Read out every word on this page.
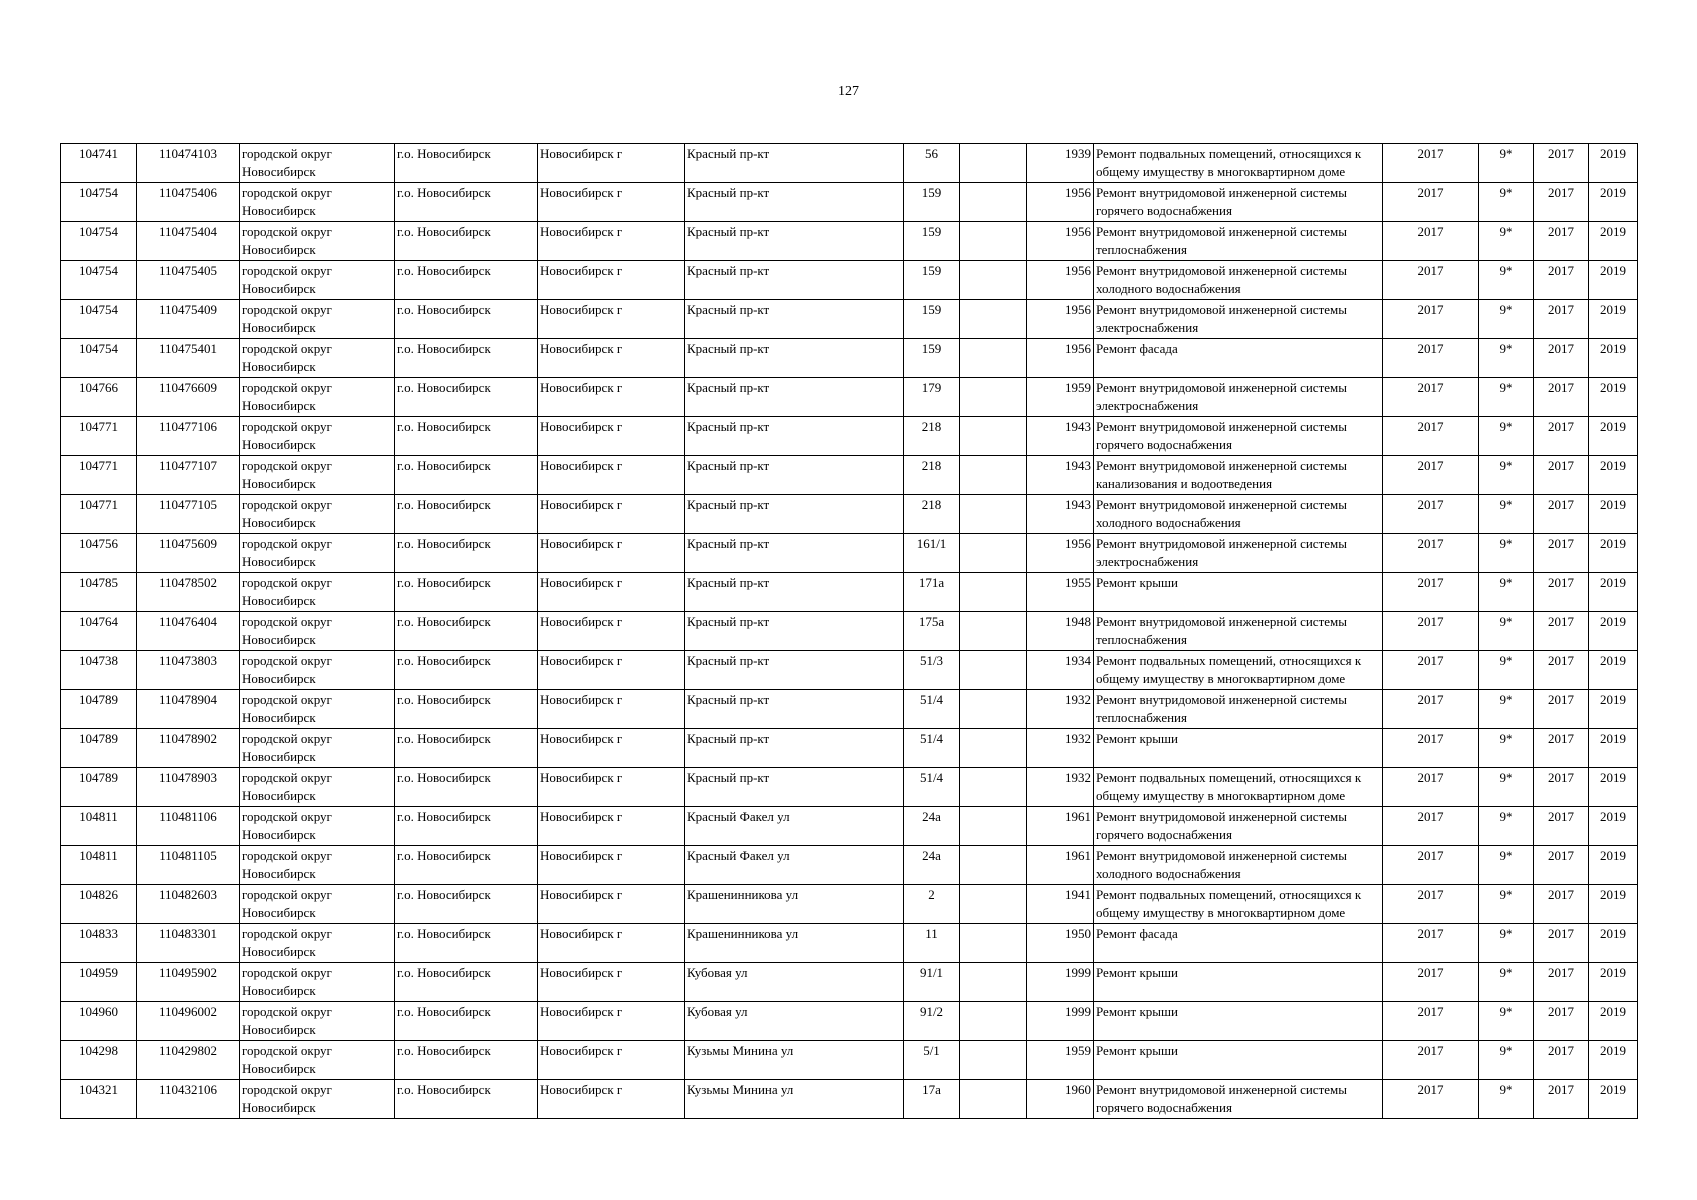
127
104741	110474103	городской округ Новосибирск	г.о. Новосибирск	Новосибирск г	Красный пр-кт	56		1939	Ремонт подвальных помещений, относящихся к общему имуществу в многоквартирном доме	2017	9*	2017	2019
104754	110475406	городской округ Новосибирск	г.о. Новосибирск	Новосибирск г	Красный пр-кт	159		1956	Ремонт внутридомовой инженерной системы горячего водоснабжения	2017	9*	2017	2019
104754	110475404	городской округ Новосибирск	г.о. Новосибирск	Новосибирск г	Красный пр-кт	159		1956	Ремонт внутридомовой инженерной системы теплоснабжения	2017	9*	2017	2019
104754	110475405	городской округ Новосибирск	г.о. Новосибирск	Новосибирск г	Красный пр-кт	159		1956	Ремонт внутридомовой инженерной системы холодного водоснабжения	2017	9*	2017	2019
104754	110475409	городской округ Новосибирск	г.о. Новосибирск	Новосибирск г	Красный пр-кт	159		1956	Ремонт внутридомовой инженерной системы электроснабжения	2017	9*	2017	2019
104754	110475401	городской округ Новосибирск	г.о. Новосибирск	Новосибирск г	Красный пр-кт	159		1956	Ремонт фасада	2017	9*	2017	2019
104766	110476609	городской округ Новосибирск	г.о. Новосибирск	Новосибирск г	Красный пр-кт	179		1959	Ремонт внутридомовой инженерной системы электроснабжения	2017	9*	2017	2019
104771	110477106	городской округ Новосибирск	г.о. Новосибирск	Новосибирск г	Красный пр-кт	218		1943	Ремонт внутридомовой инженерной системы горячего водоснабжения	2017	9*	2017	2019
104771	110477107	городской округ Новосибирск	г.о. Новосибирск	Новосибирск г	Красный пр-кт	218		1943	Ремонт внутридомовой инженерной системы канализования и водоотведения	2017	9*	2017	2019
104771	110477105	городской округ Новосибирск	г.о. Новосибирск	Новосибирск г	Красный пр-кт	218		1943	Ремонт внутридомовой инженерной системы холодного водоснабжения	2017	9*	2017	2019
104756	110475609	городской округ Новосибирск	г.о. Новосибирск	Новосибирск г	Красный пр-кт	161/1		1956	Ремонт внутридомовой инженерной системы электроснабжения	2017	9*	2017	2019
104785	110478502	городской округ Новосибирск	г.о. Новосибирск	Новосибирск г	Красный пр-кт	171а		1955	Ремонт крыши	2017	9*	2017	2019
104764	110476404	городской округ Новосибирск	г.о. Новосибирск	Новосибирск г	Красный пр-кт	175а		1948	Ремонт внутридомовой инженерной системы теплоснабжения	2017	9*	2017	2019
104738	110473803	городской округ Новосибирск	г.о. Новосибирск	Новосибирск г	Красный пр-кт	51/3		1934	Ремонт подвальных помещений, относящихся к общему имуществу в многоквартирном доме	2017	9*	2017	2019
104789	110478904	городской округ Новосибирск	г.о. Новосибирск	Новосибирск г	Красный пр-кт	51/4		1932	Ремонт внутридомовой инженерной системы теплоснабжения	2017	9*	2017	2019
104789	110478902	городской округ Новосибирск	г.о. Новосибирск	Новосибирск г	Красный пр-кт	51/4		1932	Ремонт крыши	2017	9*	2017	2019
104789	110478903	городской округ Новосибирск	г.о. Новосибирск	Новосибирск г	Красный пр-кт	51/4		1932	Ремонт подвальных помещений, относящихся к общему имуществу в многоквартирном доме	2017	9*	2017	2019
104811	110481106	городской округ Новосибирск	г.о. Новосибирск	Новосибирск г	Красный Факел ул	24а		1961	Ремонт внутридомовой инженерной системы горячего водоснабжения	2017	9*	2017	2019
104811	110481105	городской округ Новосибирск	г.о. Новосибирск	Новосибирск г	Красный Факел ул	24а		1961	Ремонт внутридомовой инженерной системы холодного водоснабжения	2017	9*	2017	2019
104826	110482603	городской округ Новосибирск	г.о. Новосибирск	Новосибирск г	Крашенинникова ул	2		1941	Ремонт подвальных помещений, относящихся к общему имуществу в многоквартирном доме	2017	9*	2017	2019
104833	110483301	городской округ Новосибирск	г.о. Новосибирск	Новосибирск г	Крашенинникова ул	11		1950	Ремонт фасада	2017	9*	2017	2019
104959	110495902	городской округ Новосибирск	г.о. Новосибирск	Новосибирск г	Кубовая ул	91/1		1999	Ремонт крыши	2017	9*	2017	2019
104960	110496002	городской округ Новосибирск	г.о. Новосибирск	Новосибирск г	Кубовая ул	91/2		1999	Ремонт крыши	2017	9*	2017	2019
104298	110429802	городской округ Новосибирск	г.о. Новосибирск	Новосибирск г	Кузьмы Минина ул	5/1		1959	Ремонт крыши	2017	9*	2017	2019
104321	110432106	городской округ Новосибирск	г.о. Новосибирск	Новосибирск г	Кузьмы Минина ул	17а		1960	Ремонт внутридомовой инженерной системы горячего водоснабжения	2017	9*	2017	2019
